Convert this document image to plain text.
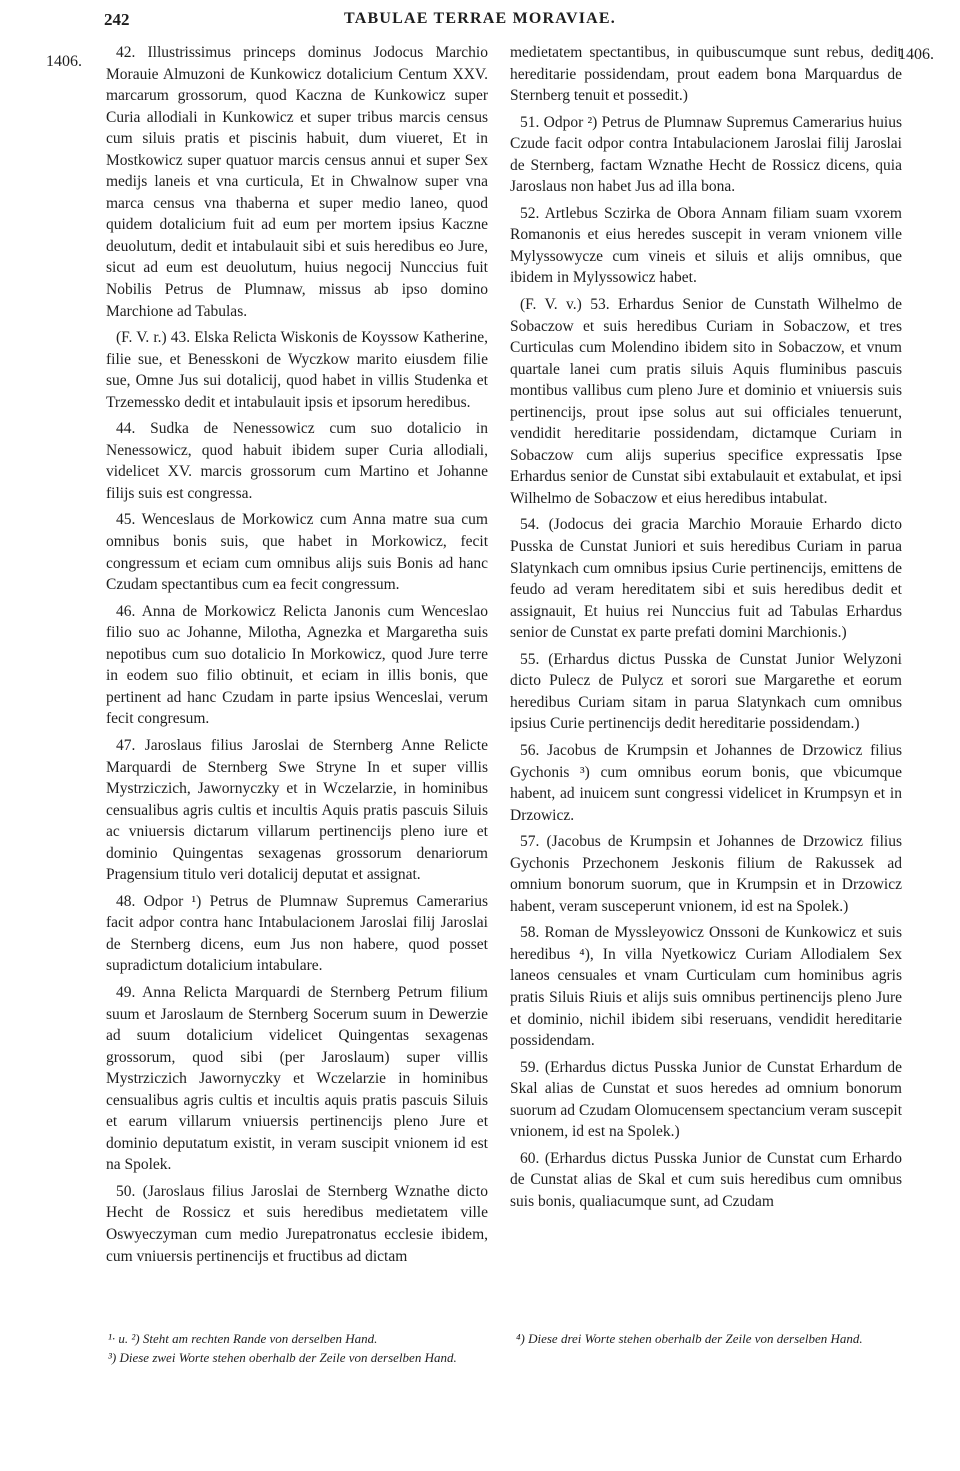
242	TABULAE TERRAE MORAVIAE.
1406.	1406.

42. Illustrissimus princeps dominus Jodocus Marchio Morauie Almuzoni de Kunkowicz dotalicium Centum XXV. marcarum grossorum, quod Kaczna de Kunkowicz super Curia allodiali in Kunkowicz et super tribus marcis census cum siluis pratis et piscinis habuit, dum viueret, Et in Mostkowicz super quatuor marcis census annui et super Sex medijs laneis et vna curticula, Et in Chwalnow super vna marca census vna thaberna et super medio laneo, quod quidem dotalicium fuit ad eum per mortem ipsius Kaczne deuolutum, dedit et intabulauit sibi et suis heredibus eo Jure, sicut ad eum est deuolutum, huius negocij Nunccius fuit Nobilis Petrus de Plumnaw, missus ab ipso domino Marchione ad Tabulas.

(F. V. r.) 43. Elska Relicta Wiskonis de Koyssow Katherine, filie sue, et Benesskoni de Wyczkow marito eiusdem filie sue, Omne Jus sui dotalicij, quod habet in villis Studenka et Trzemessko dedit et intabulauit ipsis et ipsorum heredibus.

44. Sudka de Nenessowicz cum suo dotalicio in Nenessowicz, quod habuit ibidem super Curia allodiali, videlicet XV. marcis grossorum cum Martino et Johanne filijs suis est congressa.

45. Wenceslaus de Morkowicz cum Anna matre sua cum omnibus bonis suis, que habet in Morkowicz, fecit congressum et eciam cum omnibus alijs suis Bonis ad hanc Czudam spectantibus cum ea fecit congressum.

46. Anna de Morkowicz Relicta Janonis cum Wenceslao filio suo ac Johanne, Milotha, Agnezka et Margaretha suis nepotibus cum suo dotalicio In Morkowicz, quod Jure terre in eodem suo filio obtinuit, et eciam in illis bonis, que pertinent ad hanc Czudam in parte ipsius Wenceslai, verum fecit congresum.

47. Jaroslaus filius Jaroslai de Sternberg Anne Relicte Marquardi de Sternberg Swe Stryne In et super villis Mystrziczich, Jawornyczky et in Wczelarzie, in hominibus censualibus agris cultis et incultis Aquis pratis pascuis Siluis ac vniuersis dictarum villarum pertinencijs pleno iure et dominio Quingentas sexagenas grossorum denariorum Pragensium titulo veri dotalicij deputat et assignat.

48. Odpor ¹) Petrus de Plumnaw Supremus Camerarius facit adpor contra hanc Intabulacionem Jaroslai filij Jaroslai de Sternberg dicens, eum Jus non habere, quod posset supradictum dotalicium intabulare.

49. Anna Relicta Marquardi de Sternberg Petrum filium suum et Jaroslaum de Sternberg Socerum suum in Dewerzie ad suum dotalicium videlicet Quingentas sexagenas grossorum, quod sibi (per Jaroslaum) super villis Mystrziczich Jawornyczky et Wczelarzie in hominibus censualibus agris cultis et incultis aquis pratis pascuis Siluis et earum villarum vniuersis pertinencijs pleno Jure et dominio deputatum existit, in veram suscipit vnionem id est na Spolek.

50. (Jaroslaus filius Jaroslai de Sternberg Wznathe dicto Hecht de Rossicz et suis heredibus medietatem ville Oswyeczyman cum medio Jurepatronatus ecclesie ibidem, cum vniuersis pertinencijs et fructibus ad dictam

medietatem spectantibus, in quibuscumque sunt rebus, dedit hereditarie possidendam, prout eadem bona Marquardus de Sternberg tenuit et possedit.)

51. Odpor ²) Petrus de Plumnaw Supremus Camerarius huius Czude facit odpor contra Intabulacionem Jaroslai filij Jaroslai de Sternberg, factam Wznathe Hecht de Rossicz dicens, quia Jaroslaus non habet Jus ad illa bona.

52. Artlebus Sczirka de Obora Annam filiam suam vxorem Romanonis et eius heredes suscepit in veram vnionem ville Mylyssowycze cum vineis et siluis et alijs omnibus, que ibidem in Mylyssowicz habet.

(F. V. v.) 53. Erhardus Senior de Cunstath Wilhelmo de Sobaczow et suis heredibus Curiam in Sobaczow, et tres Curticulas cum Molendino ibidem sito in Sobaczow, et vnum quartale lanei cum pratis siluis Aquis fluminibus pascuis montibus vallibus cum pleno Jure et dominio et vniuersis suis pertinencijs, prout ipse solus aut sui officiales tenuerunt, vendidit hereditarie possidendam, dictamque Curiam in Sobaczow cum alijs superius specifice expressatis Ipse Erhardus senior de Cunstat sibi extabulauit et extabulat, et ipsi Wilhelmo de Sobaczow et eius heredibus intabulat.

54. (Jodocus dei gracia Marchio Morauie Erhardo dicto Pusska de Cunstat Juniori et suis heredibus Curiam in parua Slatynkach cum omnibus ipsius Curie pertinencijs, emittens de feudo ad veram hereditatem sibi et suis heredibus dedit et assignauit, Et huius rei Nunccius fuit ad Tabulas Erhardus senior de Cunstat ex parte prefati domini Marchionis.)

55. (Erhardus dictus Pusska de Cunstat Junior Welyzoni dicto Pulecz de Pulycz et sorori sue Margarethe et eorum heredibus Curiam sitam in parua Slatynkach cum omnibus ipsius Curie pertinencijs dedit hereditarie possidendam.)

56. Jacobus de Krumpsin et Johannes de Drzowicz filius Gychonis ³) cum omnibus eorum bonis, que vbicumque habent, ad inuicem sunt congressi videlicet in Krumpsyn et in Drzowicz.

57. (Jacobus de Krumpsin et Johannes de Drzowicz filius Gychonis Przechonem Jeskonis filium de Rakussek ad omnium bonorum suorum, que in Krumpsin et in Drzowicz habent, veram susceperunt vnionem, id est na Spolek.)

58. Roman de Myssleyowicz Onssoni de Kunkowicz et suis heredibus ⁴), In villa Nyetkowicz Curiam Allodialem Sex laneos censuales et vnam Curticulam cum hominibus agris pratis Siluis Riuis et alijs suis omnibus pertinencijs pleno Jure et dominio, nichil ibidem sibi reseruans, vendidit hereditarie possidendam.

59. (Erhardus dictus Pusska Junior de Cunstat Erhardum de Skal alias de Cunstat et suos heredes ad omnium bonorum suorum ad Czudam Olomucensem spectancium veram suscepit vnionem, id est na Spolek.)

60. (Erhardus dictus Pusska Junior de Cunstat cum Erhardo de Cunstat alias de Skal et cum suis heredibus cum omnibus suis bonis, qualiacumque sunt, ad Czudam

¹· u. ²) Steht am rechten Rande von derselben Hand.
³) Diese zwei Worte stehen oberhalb der Zeile von derselben Hand.
⁴) Diese drei Worte stehen oberhalb der Zeile von derselben Hand.
